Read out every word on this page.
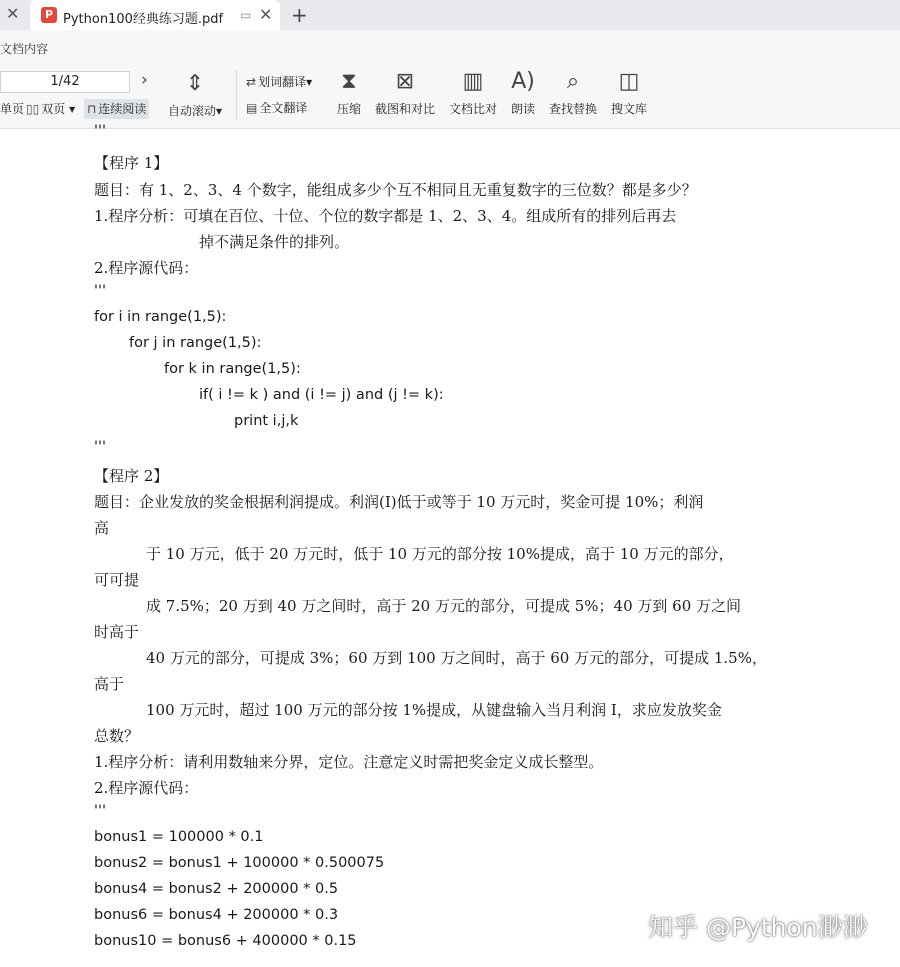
✕	P Python100经典练习题.pdf ▭ ✕ +
文档内容
1/42	›
单页 ▯▯ 双页 ▾ ⊓ 连续阅读
⇕
自动滚动▾
⇄ 划词翻译▾
▤ 全文翻译
⧗
压缩
⊠
截图和对比
▥
文档比对
A)
朗读
⌕
查找替换
◫
搜文库
'''
【程序 1】
题目：有 1、2、3、4 个数字，能组成多少个互不相同且无重复数字的三位数？都是多少？
1.程序分析：可填在百位、十位、个位的数字都是 1、2、3、4。组成所有的排列后再去
掉不满足条件的排列。
2.程序源代码：
'''
for i in range(1,5):
for j in range(1,5):
for k in range(1,5):
if( i != k ) and (i != j) and (j != k):
print i,j,k
'''
【程序 2】
题目：企业发放的奖金根据利润提成。利润(I)低于或等于 10 万元时，奖金可提 10%；利润
高
于 10 万元，低于 20 万元时，低于 10 万元的部分按 10%提成，高于 10 万元的部分，
可可提
成 7.5%；20 万到 40 万之间时，高于 20 万元的部分，可提成 5%；40 万到 60 万之间
时高于
40 万元的部分，可提成 3%；60 万到 100 万之间时，高于 60 万元的部分，可提成 1.5%，
高于
100 万元时，超过 100 万元的部分按 1%提成，从键盘输入当月利润 I，求应发放奖金
总数？
1.程序分析：请利用数轴来分界，定位。注意定义时需把奖金定义成长整型。
2.程序源代码：
'''
bonus1 = 100000 * 0.1
bonus2 = bonus1 + 100000 * 0.500075
bonus4 = bonus2 + 200000 * 0.5
bonus6 = bonus4 + 200000 * 0.3
bonus10 = bonus6 + 400000 * 0.15	知乎 @Python渺渺
